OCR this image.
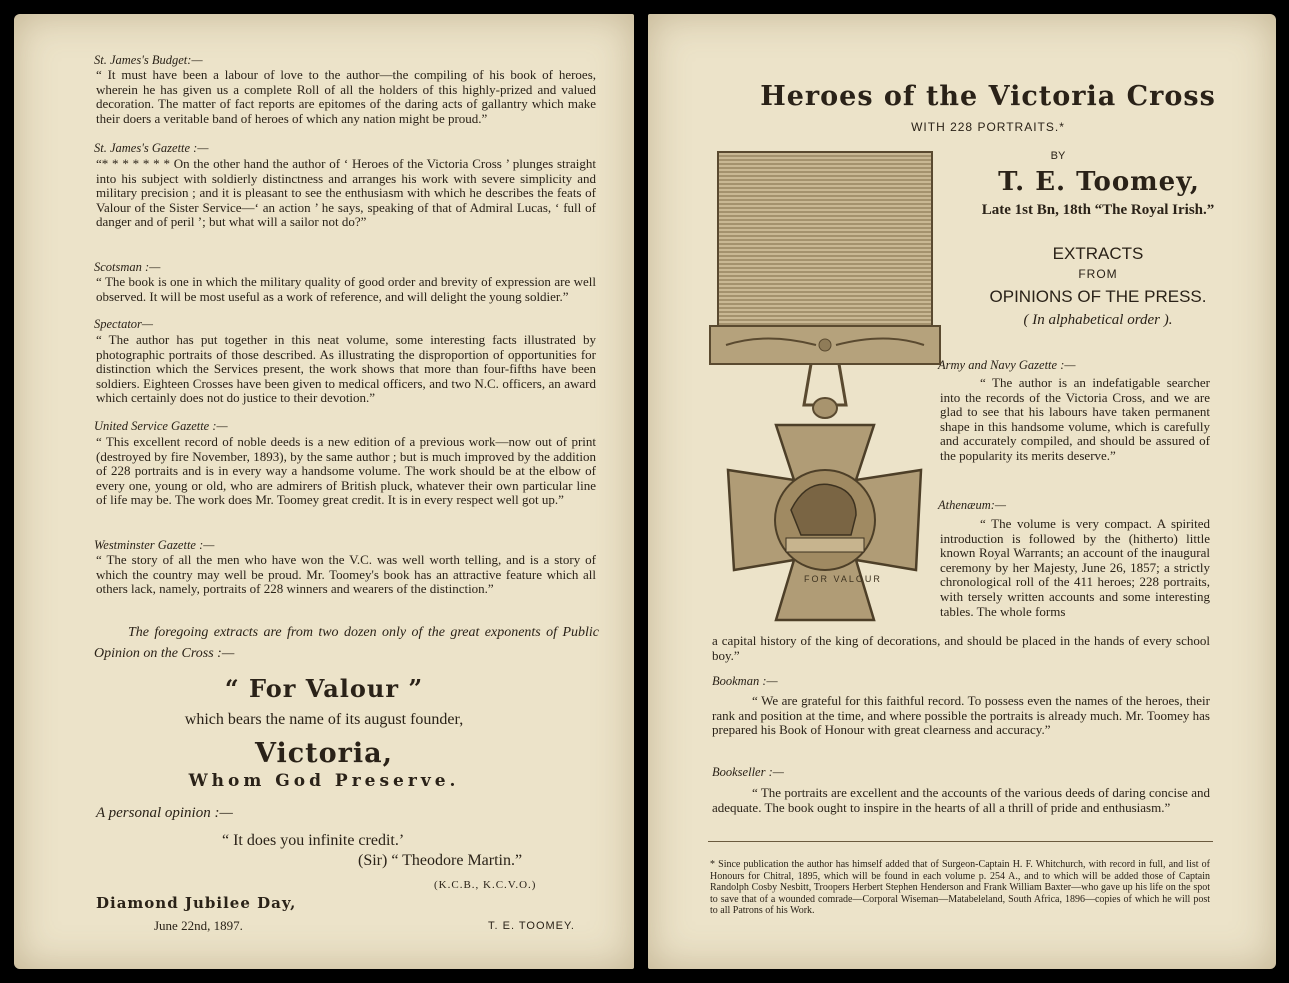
St. James's Budget:—
“ It must have been a labour of love to the author—the compiling of his book of heroes, wherein he has given us a complete Roll of all the holders of this highly-prized and valued decoration. The matter of fact reports are epitomes of the daring acts of gallantry which make their doers a veritable band of heroes of which any nation might be proud.”
St. James's Gazette :—
“* * * * * * * On the other hand the author of ‘ Heroes of the Victoria Cross ’ plunges straight into his subject with soldierly distinctness and arranges his work with severe simplicity and military precision ; and it is pleasant to see the enthusiasm with which he describes the feats of Valour of the Sister Service—‘ an action ’ he says, speaking of that of Admiral Lucas, ‘ full of danger and of peril ’; but what will a sailor not do?”
Scotsman :—
“ The book is one in which the military quality of good order and brevity of expression are well observed. It will be most useful as a work of reference, and will delight the young soldier.”
Spectator—
“ The author has put together in this neat volume, some interesting facts illustrated by photographic portraits of those described. As illustrating the disproportion of opportunities for distinction which the Services present, the work shows that more than four-fifths have been soldiers. Eighteen Crosses have been given to medical officers, and two N.C. officers, an award which certainly does not do justice to their devotion.”
United Service Gazette :—
“ This excellent record of noble deeds is a new edition of a previous work—now out of print (destroyed by fire November, 1893), by the same author ; but is much improved by the addition of 228 portraits and is in every way a handsome volume. The work should be at the elbow of every one, young or old, who are admirers of British pluck, whatever their own particular line of life may be. The work does Mr. Toomey great credit. It is in every respect well got up.”
Westminster Gazette :—
“ The story of all the men who have won the V.C. was well worth telling, and is a story of which the country may well be proud. Mr. Toomey's book has an attractive feature which all others lack, namely, portraits of 228 winners and wearers of the distinction.”
The foregoing extracts are from two dozen only of the great exponents of Public Opinion on the Cross :—
“ For Valour ”
which bears the name of its august founder,
Victoria,
Whom God Preserve.
A personal opinion :—
“ It does you infinite credit.’
(Sir) “ Theodore Martin.”
(K.C.B., K.C.V.O.)
Diamond Jubilee Day,
June 22nd, 1897.	T. E. TOOMEY.
Heroes of the Victoria Cross
WITH 228 PORTRAITS.*
FOR VALOUR
BY
T. E. Toomey,
Late 1st Bn, 18th “The Royal Irish.”
EXTRACTS
FROM
OPINIONS OF THE PRESS.
( In alphabetical order ).
Army and Navy Gazette :—
“ The author is an indefatigable searcher into the records of the Victoria Cross, and we are glad to see that his labours have taken permanent shape in this handsome volume, which is carefully and accurately compiled, and should be assured of the popularity its merits deserve.”
Athenæum:—
“ The volume is very compact. A spirited introduction is followed by the (hitherto) little known Royal Warrants; an account of the inaugural ceremony by her Majesty, June 26, 1857; a strictly chronological roll of the 411 heroes; 228 portraits, with tersely written accounts and some interesting tables. The whole forms
a capital history of the king of decorations, and should be placed in the hands of every school boy.”
Bookman :—
“ We are grateful for this faithful record. To possess even the names of the heroes, their rank and position at the time, and where possible the portraits is already much. Mr. Toomey has prepared his Book of Honour with great clearness and accuracy.”
Bookseller :—
“ The portraits are excellent and the accounts of the various deeds of daring concise and adequate. The book ought to inspire in the hearts of all a thrill of pride and enthusiasm.”
* Since publication the author has himself added that of Surgeon-Captain H. F. Whitchurch, with record in full, and list of Honours for Chitral, 1895, which will be found in each volume p. 254 A., and to which will be added those of Captain Randolph Cosby Nesbitt, Troopers Herbert Stephen Henderson and Frank William Baxter—who gave up his life on the spot to save that of a wounded comrade—Corporal Wiseman—Matabeleland, South Africa, 1896—copies of which he will post to all Patrons of his Work.
